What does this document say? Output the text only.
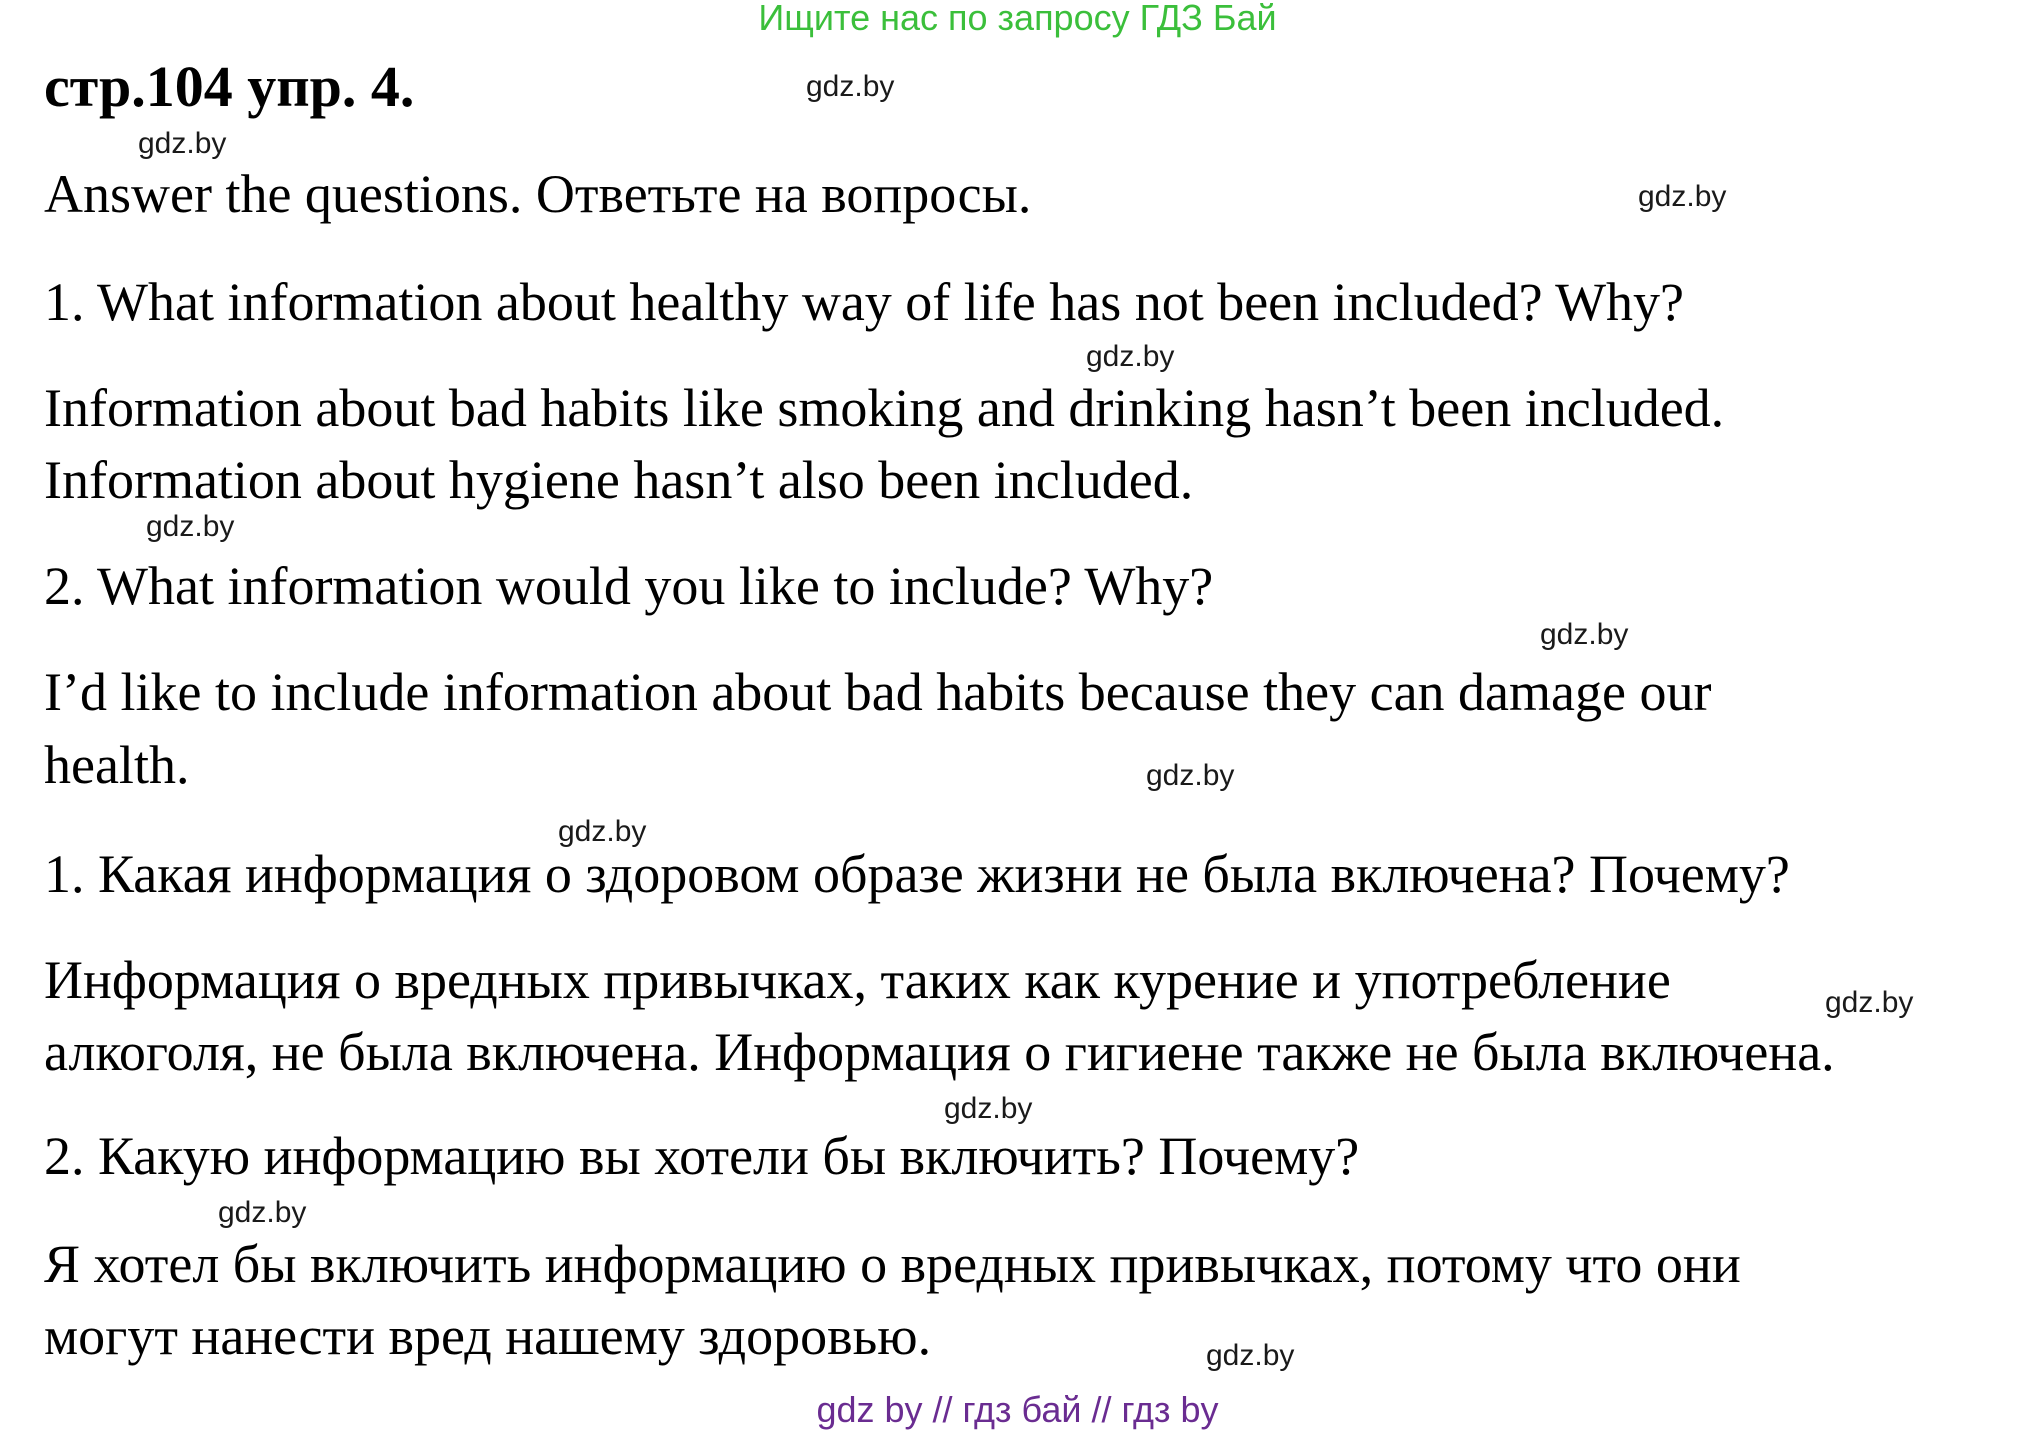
Ищите нас по запросу ГДЗ Бай
стр.104 упр. 4.
Answer the questions. Ответьте на вопросы.
1. What information about healthy way of life has not been included? Why?
Information about bad habits like smoking and drinking hasn’t been included.
Information about hygiene hasn’t also been included.
2. What information would you like to include? Why?
I’d like to include information about bad habits because they can damage our
health.
1. Какая информация о здоровом образе жизни не была включена? Почему?
Информация о вредных привычках, таких как курение и употребление
алкоголя, не была включена. Информация о гигиене также не была включена.
2. Какую информацию вы хотели бы включить? Почему?
Я хотел бы включить информацию о вредных привычках, потому что они
могут нанести вред нашему здоровью.
gdz.by
gdz.by
gdz.by
gdz.by
gdz.by
gdz.by
gdz.by
gdz.by
gdz.by
gdz.by
gdz.by
gdz.by
gdz by // гдз бай // гдз by
